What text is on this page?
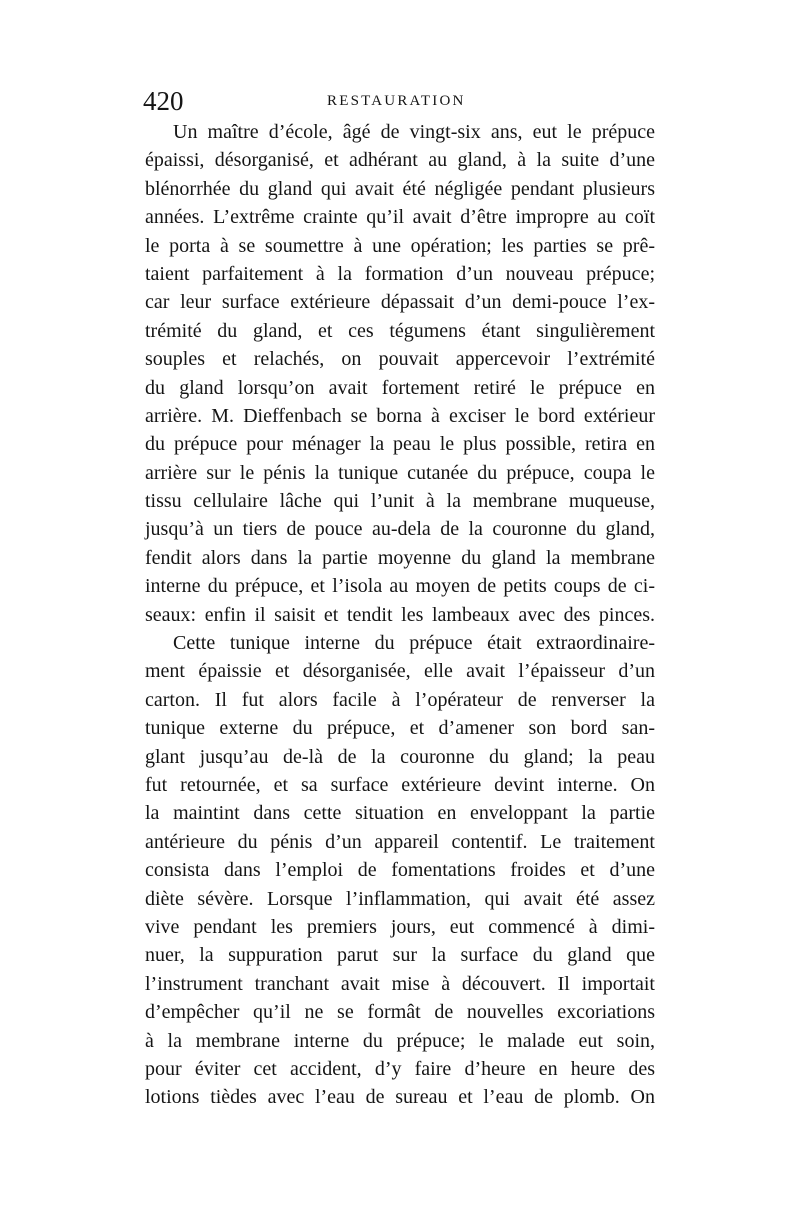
420	RESTAURATION
Un maître d’école, âgé de vingt-six ans, eut le prépuce
épaissi, désorganisé, et adhérant au gland, à la suite d’une
blénorrhée du gland qui avait été négligée pendant plusieurs
années. L’extrême crainte qu’il avait d’être impropre au coït
le porta à se soumettre à une opération; les parties se prê-
taient parfaitement à la formation d’un nouveau prépuce;
car leur surface extérieure dépassait d’un demi-pouce l’ex-
trémité du gland, et ces tégumens étant singulièrement
souples et relachés, on pouvait appercevoir l’extrémité
du gland lorsqu’on avait fortement retiré le prépuce en
arrière. M. Dieffenbach se borna à exciser le bord extérieur
du prépuce pour ménager la peau le plus possible, retira en
arrière sur le pénis la tunique cutanée du prépuce, coupa le
tissu cellulaire lâche qui l’unit à la membrane muqueuse,
jusqu’à un tiers de pouce au-dela de la couronne du gland,
fendit alors dans la partie moyenne du gland la membrane
interne du prépuce, et l’isola au moyen de petits coups de ci-
seaux: enfin il saisit et tendit les lambeaux avec des pinces.
Cette tunique interne du prépuce était extraordinaire-
ment épaissie et désorganisée, elle avait l’épaisseur d’un
carton. Il fut alors facile à l’opérateur de renverser la
tunique externe du prépuce, et d’amener son bord san-
glant jusqu’au de-là de la couronne du gland; la peau
fut retournée, et sa surface extérieure devint interne. On
la maintint dans cette situation en enveloppant la partie
antérieure du pénis d’un appareil contentif. Le traitement
consista dans l’emploi de fomentations froides et d’une
diète sévère. Lorsque l’inflammation, qui avait été assez
vive pendant les premiers jours, eut commencé à dimi-
nuer, la suppuration parut sur la surface du gland que
l’instrument tranchant avait mise à découvert. Il importait
d’empêcher qu’il ne se formât de nouvelles excoriations
à la membrane interne du prépuce; le malade eut soin,
pour éviter cet accident, d’y faire d’heure en heure des
lotions tièdes avec l’eau de sureau et l’eau de plomb. On
